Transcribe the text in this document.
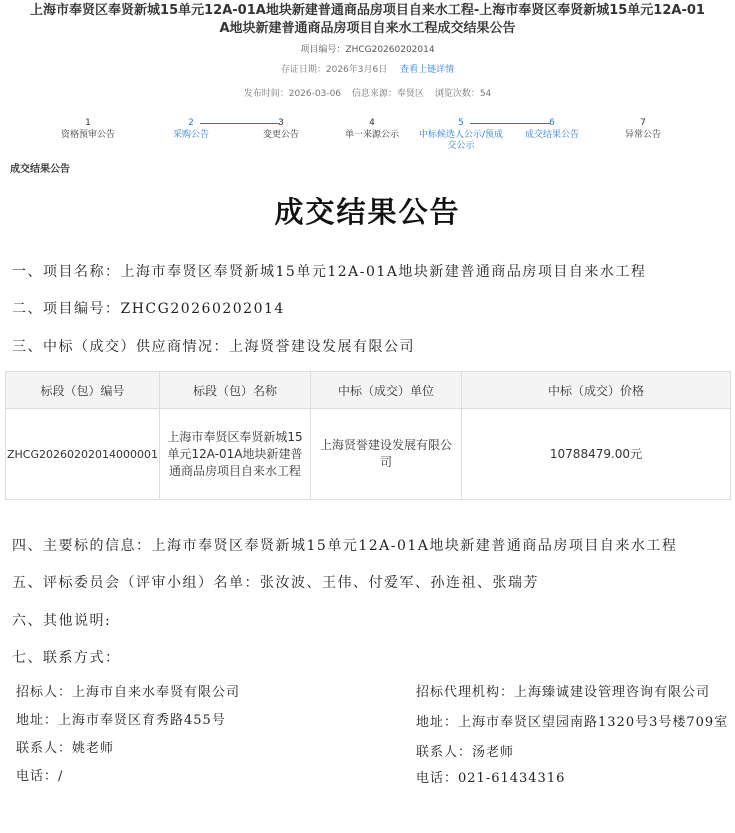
上海市奉贤区奉贤新城15单元12A-01A地块新建普通商品房项目自来水工程-上海市奉贤区奉贤新城15单元12A-01
A地块新建普通商品房项目自来水工程成交结果公告
项目编号：ZHCG20260202014
存证日期：2026年3月6日 查看上链详情
发布时间：2026-03-06 信息来源：奉贤区 浏览次数：54
1
资格预审公告
2
采购公告
3
变更公告
4
单一来源公示
5
中标候选人公示/预成交公示
6
成交结果公告
7
异常公告
成交结果公告
成交结果公告
一、项目名称：上海市奉贤区奉贤新城15单元12A-01A地块新建普通商品房项目自来水工程
二、项目编号：ZHCG20260202014
三、中标（成交）供应商情况：上海贤誉建设发展有限公司
标段（包）编号	标段（包）名称	中标（成交）单位	中标（成交）价格
ZHCG20260202014000001	上海市奉贤区奉贤新城15单元12A-01A地块新建普通商品房项目自来水工程	上海贤誉建设发展有限公司	10788479.00元
四、主要标的信息：上海市奉贤区奉贤新城15单元12A-01A地块新建普通商品房项目自来水工程
五、评标委员会（评审小组）名单：张汝波、王伟、付爱军、孙连祖、张瑞芳
六、其他说明:
七、联系方式：
招标人：上海市自来水奉贤有限公司
地址：上海市奉贤区育秀路455号
联系人：姚老师
电话：/
招标代理机构：上海臻诚建设管理咨询有限公司
地址：上海市奉贤区望园南路1320号3号楼709室
联系人：汤老师
电话：021-61434316
